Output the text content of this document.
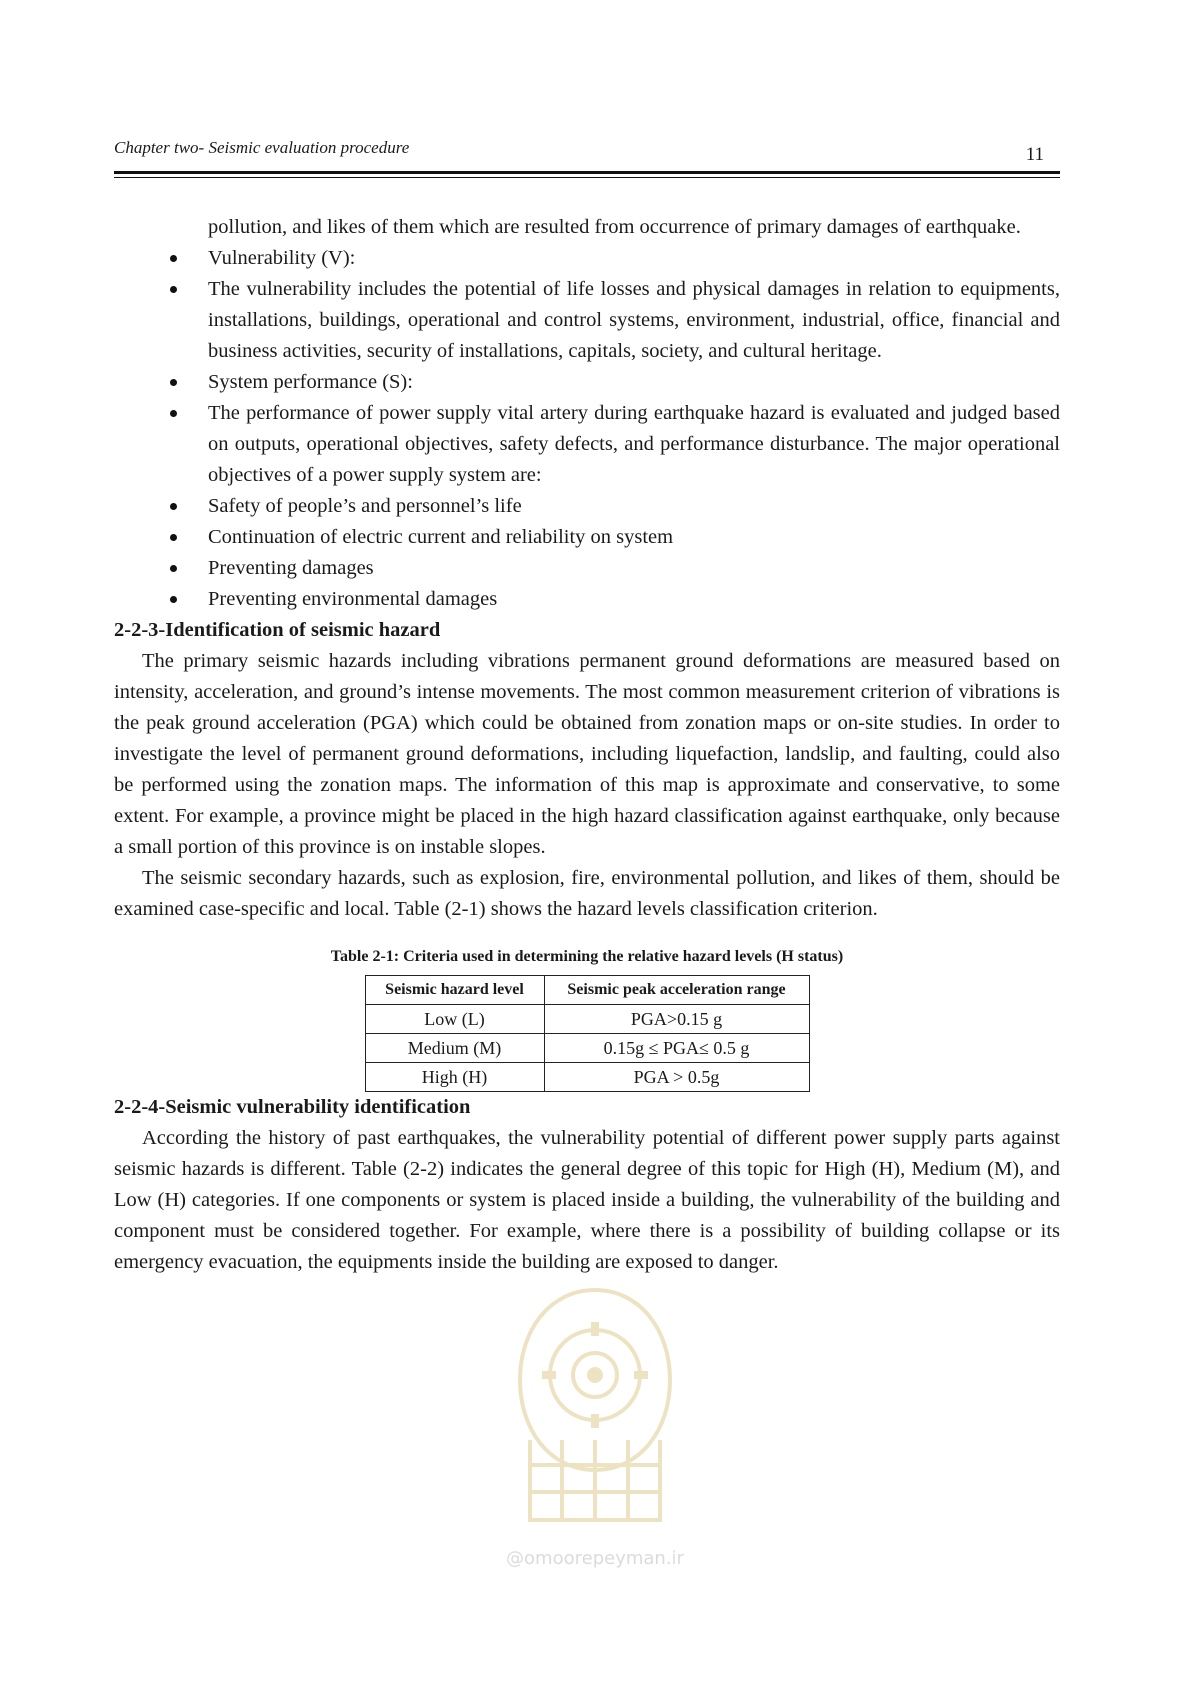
Chapter two- Seismic evaluation procedure	11

pollution, and likes of them which are resulted from occurrence of primary damages of earthquake.

Vulnerability (V):
The vulnerability includes the potential of life losses and physical damages in relation to equipments, installations, buildings, operational and control systems, environment, industrial, office, financial and business activities, security of installations, capitals, society, and cultural heritage.
System performance (S):
The performance of power supply vital artery during earthquake hazard is evaluated and judged based on outputs, operational objectives, safety defects, and performance disturbance. The major operational objectives of a power supply system are:
Safety of people’s and personnel’s life
Continuation of electric current and reliability on system
Preventing damages
Preventing environmental damages
2-2-3-Identification of seismic hazard

The primary seismic hazards including vibrations permanent ground deformations are measured based on intensity, acceleration, and ground’s intense movements. The most common measurement criterion of vibrations is the peak ground acceleration (PGA) which could be obtained from zonation maps or on-site studies. In order to investigate the level of permanent ground deformations, including liquefaction, landslip, and faulting, could also be performed using the zonation maps. The information of this map is approximate and conservative, to some extent. For example, a province might be placed in the high hazard classification against earthquake, only because a small portion of this province is on instable slopes.

The seismic secondary hazards, such as explosion, fire, environmental pollution, and likes of them, should be examined case-specific and local. Table (2-1) shows the hazard levels classification criterion.

Table 2-1: Criteria used in determining the relative hazard levels (H status)
Seismic hazard level	Seismic peak acceleration range
Low (L)	PGA>0.15 g
Medium (M)	0.15g ≤ PGA≤ 0.5 g
High (H)	PGA > 0.5g
2-2-4-Seismic vulnerability identification

According the history of past earthquakes, the vulnerability potential of different power supply parts against seismic hazards is different. Table (2-2) indicates the general degree of this topic for High (H), Medium (M), and Low (H) categories. If one components or system is placed inside a building, the vulnerability of the building and component must be considered together. For example, where there is a possibility of building collapse or its emergency evacuation, the equipments inside the building are exposed to danger.

@omoorepeyman.ir
